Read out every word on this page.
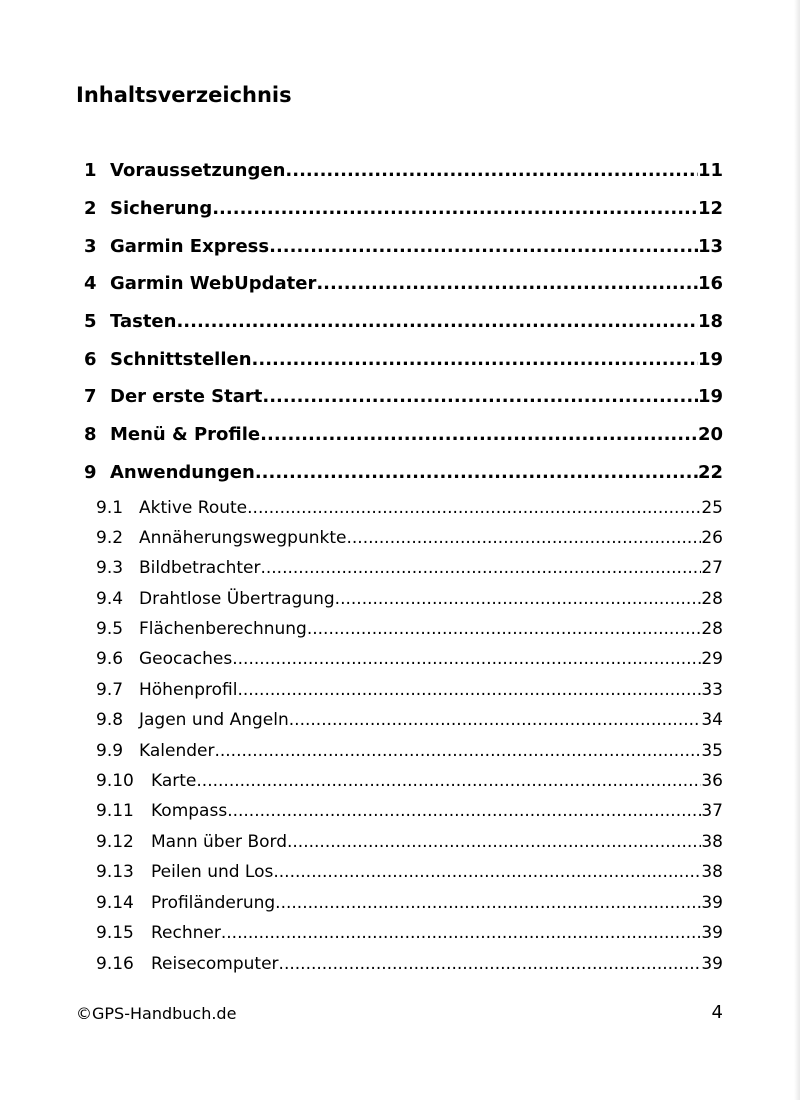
Inhaltsverzeichnis
1 Voraussetzungen .....	11
2 Sicherung .....	12
3 Garmin Express .....	13
4 Garmin WebUpdater .....	16
5 Tasten .....	18
6 Schnittstellen .....	19
7 Der erste Start .....	19
8 Menü & Profile .....	20
9 Anwendungen .....	22
9.1 Aktive Route .....	25
9.2 Annäherungswegpunkte .....	26
9.3 Bildbetrachter .....	27
9.4 Drahtlose Übertragung .....	28
9.5 Flächenberechnung .....	28
9.6 Geocaches .....	29
9.7 Höhenprofil .....	33
9.8 Jagen und Angeln .....	34
9.9 Kalender .....	35
9.10	Karte .....	36
9.11	Kompass .....	37
9.12	Mann über Bord .....	38
9.13	Peilen und Los .....	38
9.14	Profiländerung .....	39
9.15	Rechner .....	39
9.16	Reisecomputer .....	39
©GPS-Handbuch.de	4
